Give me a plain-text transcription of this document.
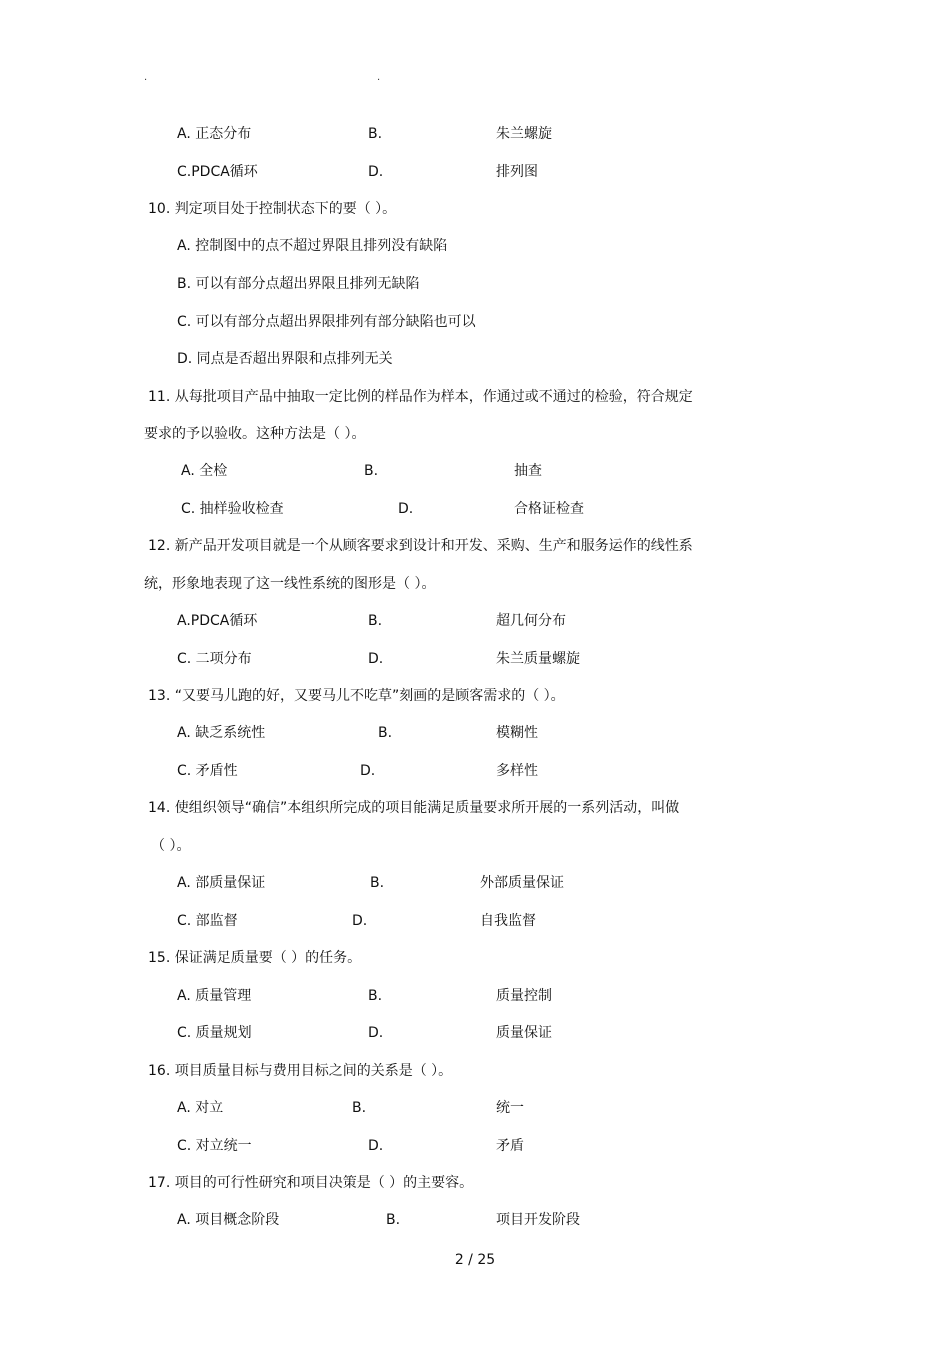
.	.
A. 正态分布	B.	朱兰螺旋
C.PDCA循环	D.	排列图
10. 判定项目处于控制状态下的要（ ）。
A. 控制图中的点不超过界限且排列没有缺陷
B. 可以有部分点超出界限且排列无缺陷
C. 可以有部分点超出界限排列有部分缺陷也可以
D. 同点是否超出界限和点排列无关
11. 从每批项目产品中抽取一定比例的样品作为样本，作通过或不通过的检验，符合规定
要求的予以验收。这种方法是（ ）。
A. 全检	B.	抽查
C. 抽样验收检查	D.	合格证检查
12. 新产品开发项目就是一个从顾客要求到设计和开发、采购、生产和服务运作的线性系
统，形象地表现了这一线性系统的图形是（ ）。
A.PDCA循环	B.	超几何分布
C. 二项分布	D.	朱兰质量螺旋
13. “又要马儿跑的好，又要马儿不吃草”刻画的是顾客需求的（ ）。
A. 缺乏系统性	B.	模糊性
C. 矛盾性	D.	多样性
14. 使组织领导“确信”本组织所完成的项目能满足质量要求所开展的一系列活动，叫做
（ ）。
A. 部质量保证	B.	外部质量保证
C. 部监督	D.	自我监督
15. 保证满足质量要（ ）的任务。
A. 质量管理	B.	质量控制
C. 质量规划	D.	质量保证
16. 项目质量目标与费用目标之间的关系是（ ）。
A. 对立	B.	统一
C. 对立统一	D.	矛盾
17. 项目的可行性研究和项目决策是（ ）的主要容。
A. 项目概念阶段	B.	项目开发阶段
2 / 25
